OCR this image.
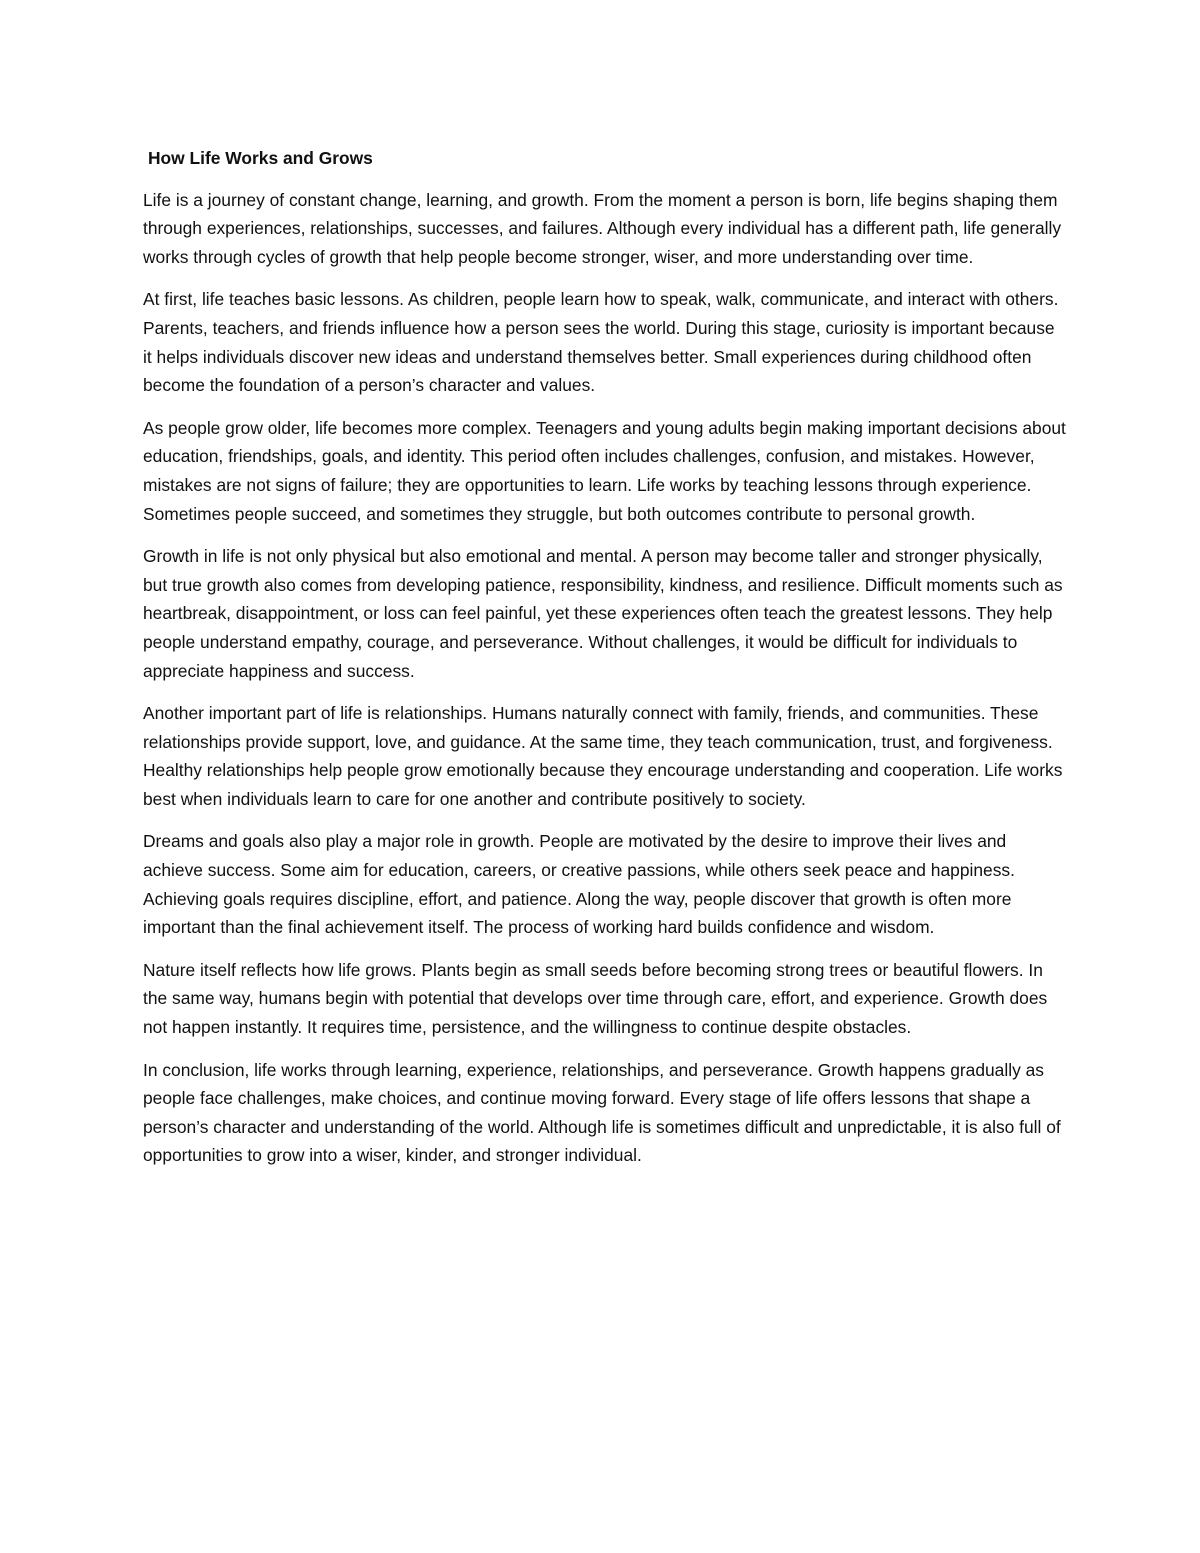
How Life Works and Grows

Life is a journey of constant change, learning, and growth. From the moment a person is born, life begins shaping them through experiences, relationships, successes, and failures. Although every individual has a different path, life generally works through cycles of growth that help people become stronger, wiser, and more understanding over time.

At first, life teaches basic lessons. As children, people learn how to speak, walk, communicate, and interact with others. Parents, teachers, and friends influence how a person sees the world. During this stage, curiosity is important because it helps individuals discover new ideas and understand themselves better. Small experiences during childhood often become the foundation of a person’s character and values.

As people grow older, life becomes more complex. Teenagers and young adults begin making important decisions about education, friendships, goals, and identity. This period often includes challenges, confusion, and mistakes. However, mistakes are not signs of failure; they are opportunities to learn. Life works by teaching lessons through experience. Sometimes people succeed, and sometimes they struggle, but both outcomes contribute to personal growth.

Growth in life is not only physical but also emotional and mental. A person may become taller and stronger physically, but true growth also comes from developing patience, responsibility, kindness, and resilience. Difficult moments such as heartbreak, disappointment, or loss can feel painful, yet these experiences often teach the greatest lessons. They help people understand empathy, courage, and perseverance. Without challenges, it would be difficult for individuals to appreciate happiness and success.

Another important part of life is relationships. Humans naturally connect with family, friends, and communities. These relationships provide support, love, and guidance. At the same time, they teach communication, trust, and forgiveness. Healthy relationships help people grow emotionally because they encourage understanding and cooperation. Life works best when individuals learn to care for one another and contribute positively to society.

Dreams and goals also play a major role in growth. People are motivated by the desire to improve their lives and achieve success. Some aim for education, careers, or creative passions, while others seek peace and happiness. Achieving goals requires discipline, effort, and patience. Along the way, people discover that growth is often more important than the final achievement itself. The process of working hard builds confidence and wisdom.

Nature itself reflects how life grows. Plants begin as small seeds before becoming strong trees or beautiful flowers. In the same way, humans begin with potential that develops over time through care, effort, and experience. Growth does not happen instantly. It requires time, persistence, and the willingness to continue despite obstacles.

In conclusion, life works through learning, experience, relationships, and perseverance. Growth happens gradually as people face challenges, make choices, and continue moving forward. Every stage of life offers lessons that shape a person’s character and understanding of the world. Although life is sometimes difficult and unpredictable, it is also full of opportunities to grow into a wiser, kinder, and stronger individual.
